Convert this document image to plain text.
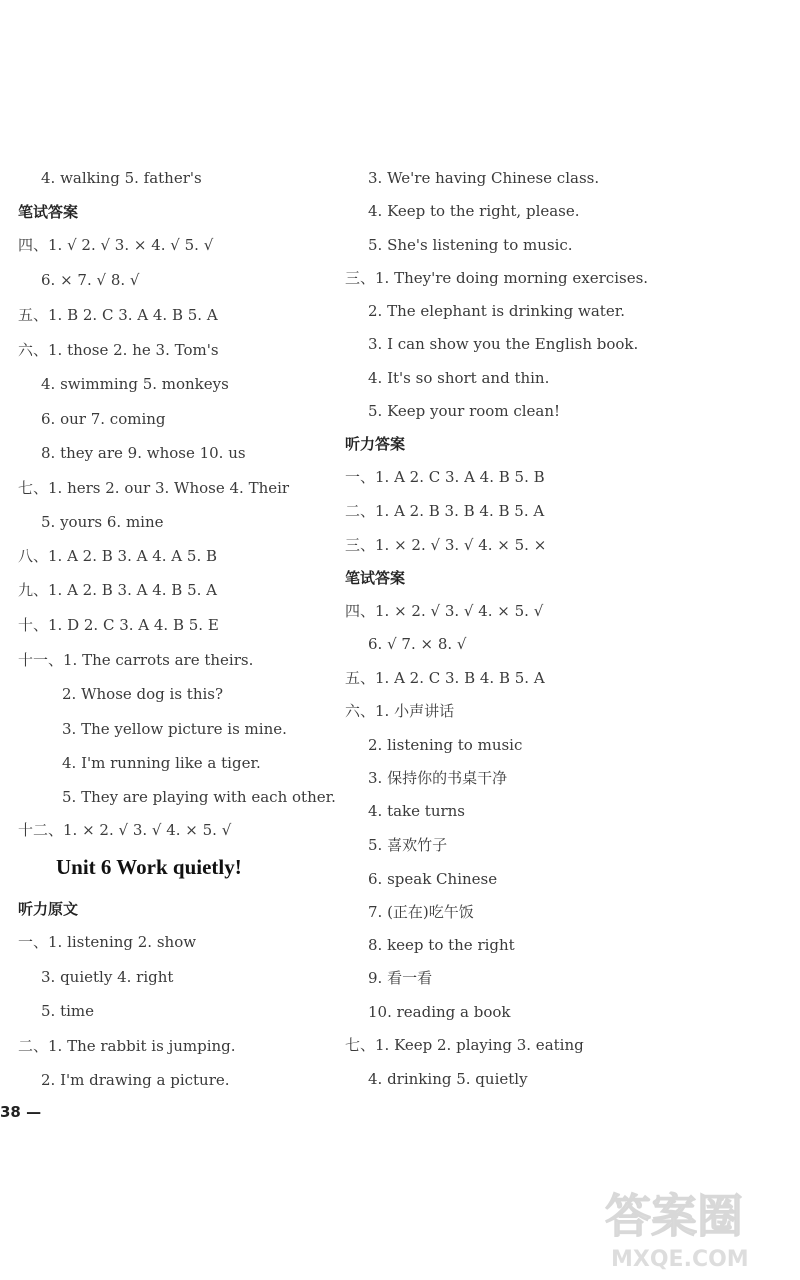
4. walking 5. father's
笔试答案
四、1. √ 2. √ 3. × 4. √ 5. √
6. × 7. √ 8. √
五、1. B 2. C 3. A 4. B 5. A
六、1. those 2. he 3. Tom's
4. swimming 5. monkeys
6. our 7. coming
8. they are 9. whose 10. us
七、1. hers 2. our 3. Whose 4. Their
5. yours 6. mine
八、1. A 2. B 3. A 4. A 5. B
九、1. A 2. B 3. A 4. B 5. A
十、1. D 2. C 3. A 4. B 5. E
十一、1. The carrots are theirs.
2. Whose dog is this?
3. The yellow picture is mine.
4. I'm running like a tiger.
5. They are playing with each other.
十二、1. × 2. √ 3. √ 4. × 5. √
Unit 6 Work quietly!
听力原文
一、1. listening 2. show
3. quietly 4. right
5. time
二、1. The rabbit is jumping.
2. I'm drawing a picture.
3. We're having Chinese class.
4. Keep to the right, please.
5. She's listening to music.
三、1. They're doing morning exercises.
2. The elephant is drinking water.
3. I can show you the English book.
4. It's so short and thin.
5. Keep your room clean!
听力答案
一、1. A 2. C 3. A 4. B 5. B
二、1. A 2. B 3. B 4. B 5. A
三、1. × 2. √ 3. √ 4. × 5. ×
笔试答案
四、1. × 2. √ 3. √ 4. × 5. √
6. √ 7. × 8. √
五、1. A 2. C 3. B 4. B 5. A
六、1. 小声讲话
2. listening to music
3. 保持你的书桌干净
4. take turns
5. 喜欢竹子
6. speak Chinese
7. (正在)吃午饭
8. keep to the right
9. 看一看
10. reading a book
七、1. Keep 2. playing 3. eating
4. drinking 5. quietly
38 —
答案圈
MXQE.COM
